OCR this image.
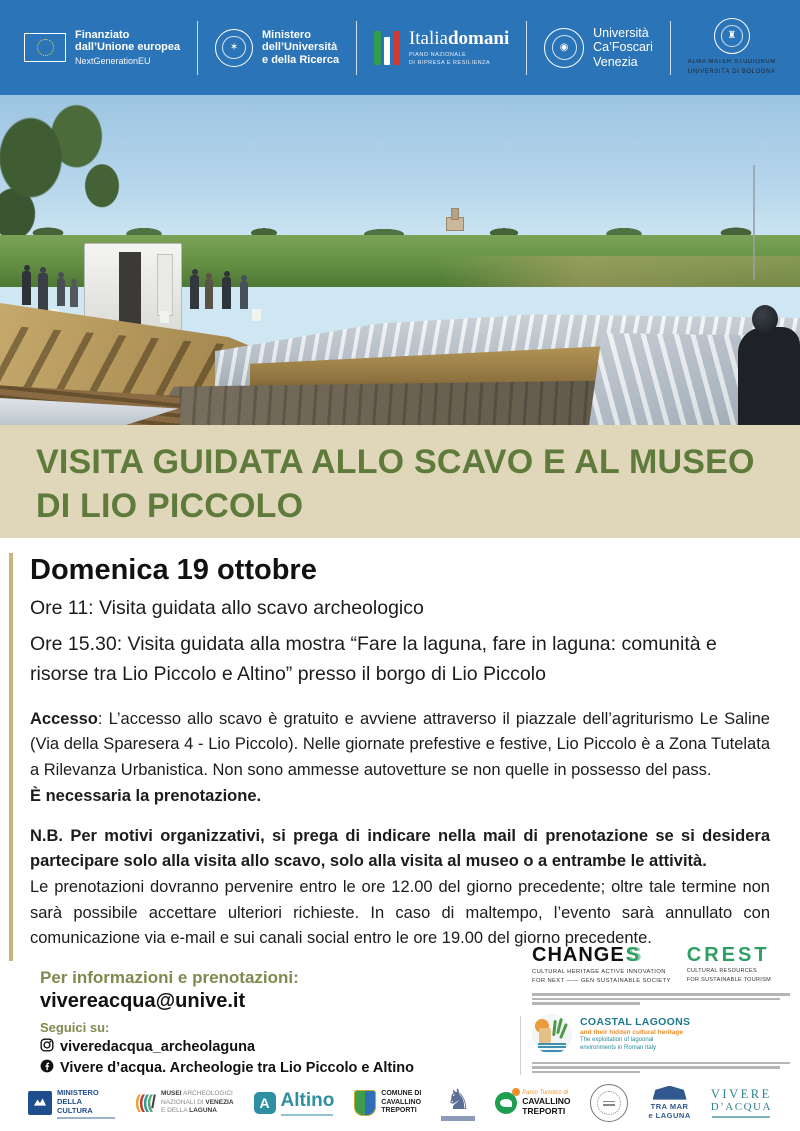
Finanziato
dall’Unione europea
NextGenerationEU
✶
Ministero
dell’Università
e della Ricerca
Italiadomani
PIANO NAZIONALE
DI RIPRESA E RESILIENZA
◉
Università
Ca’Foscari
Venezia
♜
ALMA MATER STUDIORUM
UNIVERSITÀ DI BOLOGNA
VISITA GUIDATA ALLO SCAVO E AL MUSEO
DI LIO PICCOLO
Domenica 19 ottobre

Ore 11: Visita guidata allo scavo archeologico

Ore 15.30: Visita guidata alla mostra “Fare la laguna, fare in laguna: comunità e risorse tra Lio Piccolo e Altino” presso il borgo di Lio Piccolo

Accesso: L’accesso allo scavo è gratuito e avviene attraverso il piazzale dell’agriturismo Le Saline (Via della Sparesera 4 - Lio Piccolo). Nelle giornate prefestive e festive, Lio Piccolo è a Zona Tutelata a Rilevanza Urbanistica. Non sono ammesse autovetture se non quelle in possesso del pass.

È necessaria la prenotazione.

N.B. Per motivi organizzativi, si prega di indicare nella mail di prenotazione se si desidera partecipare solo alla visita allo scavo, solo alla visita al museo o a entrambe le attività.
Le prenotazioni dovranno pervenire entro le ore 12.00 del giorno precedente; oltre tale termine non sarà possibile accettare ulteriori richieste. In caso di maltempo, l’evento sarà annullato con comunicazione via e-mail e sui canali social entro le ore 19.00 del giorno precedente.

Per informazioni e prenotazioni:
vivereacqua@unive.it
Seguici su:
viveredacqua_archeolaguna
Vivere d’acqua. Archeologie tra Lio Piccolo e Altino
CHANGES
CULTURAL HERITAGE ACTIVE INNOVATION
FOR NEXT —— GEN SUSTAINABLE SOCIETY
CREST
CULTURAL RESOURCES
FOR SUSTAINABLE TOURISM
COASTAL LAGOONS
and their hidden cultural heritage
The exploitation of lagoonal
environments in Roman Italy
MINISTERO
DELLA
CULTURA	((((/ MUSEI ARCHEOLOGICI
NAZIONALI DI VENEZIA
E DELLA LAGUNA	A Altino	COMUNE DI
CAVALLINO
TREPORTI ♞	Parco Turistico di
CAVALLINO
TREPORTI	TRA MAR
e LAGUNA
VIVERE
D’ACQUA
